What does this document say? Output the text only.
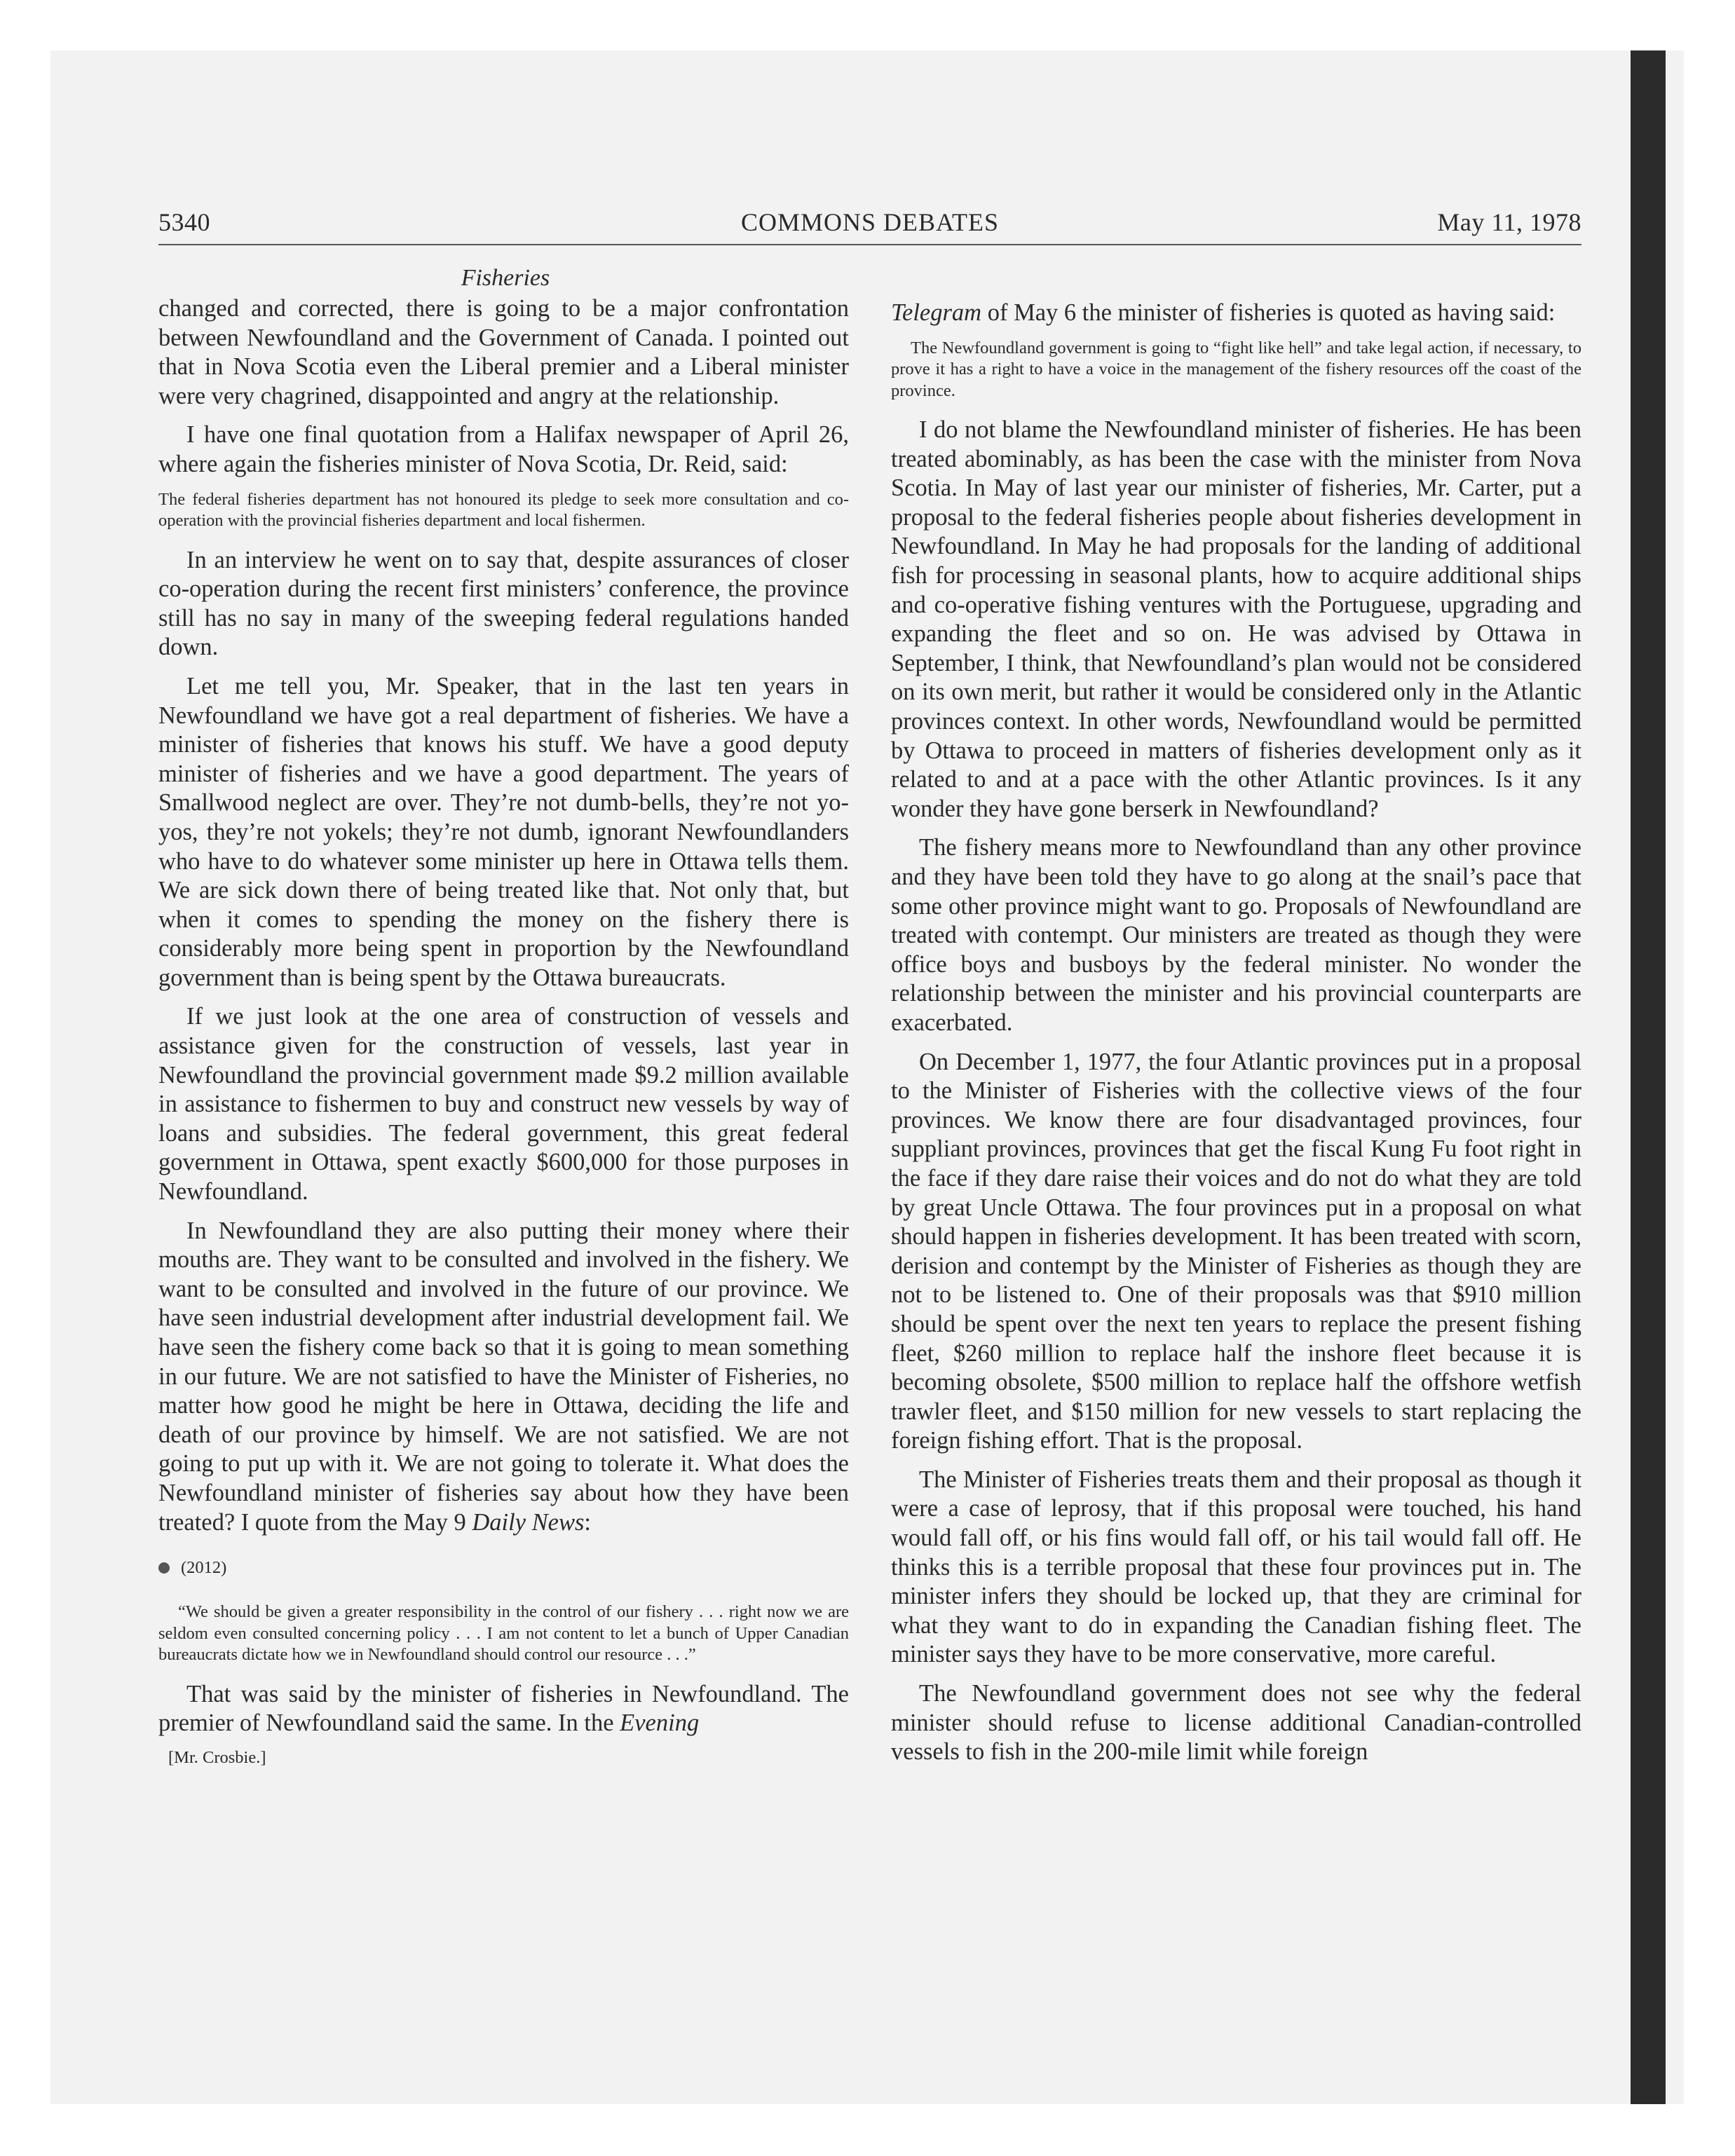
5340	COMMONS DEBATES	May 11, 1978
Fisheries

changed and corrected, there is going to be a major confrontation between Newfoundland and the Government of Canada. I pointed out that in Nova Scotia even the Liberal premier and a Liberal minister were very chagrined, disappointed and angry at the relationship.

I have one final quotation from a Halifax newspaper of April 26, where again the fisheries minister of Nova Scotia, Dr. Reid, said:

The federal fisheries department has not honoured its pledge to seek more consultation and co-operation with the provincial fisheries department and local fishermen.

In an interview he went on to say that, despite assurances of closer co-operation during the recent first ministers’ conference, the province still has no say in many of the sweeping federal regulations handed down.

Let me tell you, Mr. Speaker, that in the last ten years in Newfoundland we have got a real department of fisheries. We have a minister of fisheries that knows his stuff. We have a good deputy minister of fisheries and we have a good department. The years of Smallwood neglect are over. They’re not dumb-bells, they’re not yo-yos, they’re not yokels; they’re not dumb, ignorant Newfoundlanders who have to do whatever some minister up here in Ottawa tells them. We are sick down there of being treated like that. Not only that, but when it comes to spending the money on the fishery there is considerably more being spent in proportion by the Newfoundland government than is being spent by the Ottawa bureaucrats.

If we just look at the one area of construction of vessels and assistance given for the construction of vessels, last year in Newfoundland the provincial government made $9.2 million available in assistance to fishermen to buy and construct new vessels by way of loans and subsidies. The federal government, this great federal government in Ottawa, spent exactly $600,000 for those purposes in Newfoundland.

In Newfoundland they are also putting their money where their mouths are. They want to be consulted and involved in the fishery. We want to be consulted and involved in the future of our province. We have seen industrial development after industrial development fail. We have seen the fishery come back so that it is going to mean something in our future. We are not satisfied to have the Minister of Fisheries, no matter how good he might be here in Ottawa, deciding the life and death of our province by himself. We are not satisfied. We are not going to put up with it. We are not going to tolerate it. What does the Newfoundland minister of fisheries say about how they have been treated? I quote from the May 9 Daily News:

(2012)

“We should be given a greater responsibility in the control of our fishery . . . right now we are seldom even consulted concerning policy . . . I am not content to let a bunch of Upper Canadian bureaucrats dictate how we in Newfoundland should control our resource . . .”

That was said by the minister of fisheries in Newfoundland. The premier of Newfoundland said the same. In the Evening

[Mr. Crosbie.]

Telegram of May 6 the minister of fisheries is quoted as having said:

The Newfoundland government is going to “fight like hell” and take legal action, if necessary, to prove it has a right to have a voice in the management of the fishery resources off the coast of the province.

I do not blame the Newfoundland minister of fisheries. He has been treated abominably, as has been the case with the minister from Nova Scotia. In May of last year our minister of fisheries, Mr. Carter, put a proposal to the federal fisheries people about fisheries development in Newfoundland. In May he had proposals for the landing of additional fish for processing in seasonal plants, how to acquire additional ships and co-operative fishing ventures with the Portuguese, upgrading and expanding the fleet and so on. He was advised by Ottawa in September, I think, that Newfoundland’s plan would not be considered on its own merit, but rather it would be considered only in the Atlantic provinces context. In other words, Newfoundland would be permitted by Ottawa to proceed in matters of fisheries development only as it related to and at a pace with the other Atlantic provinces. Is it any wonder they have gone berserk in Newfoundland?

The fishery means more to Newfoundland than any other province and they have been told they have to go along at the snail’s pace that some other province might want to go. Proposals of Newfoundland are treated with contempt. Our ministers are treated as though they were office boys and busboys by the federal minister. No wonder the relationship between the minister and his provincial counterparts are exacerbated.

On December 1, 1977, the four Atlantic provinces put in a proposal to the Minister of Fisheries with the collective views of the four provinces. We know there are four disadvantaged provinces, four suppliant provinces, provinces that get the fiscal Kung Fu foot right in the face if they dare raise their voices and do not do what they are told by great Uncle Ottawa. The four provinces put in a proposal on what should happen in fisheries development. It has been treated with scorn, derision and contempt by the Minister of Fisheries as though they are not to be listened to. One of their proposals was that $910 million should be spent over the next ten years to replace the present fishing fleet, $260 million to replace half the inshore fleet because it is becoming obsolete, $500 million to replace half the offshore wetfish trawler fleet, and $150 million for new vessels to start replacing the foreign fishing effort. That is the proposal.

The Minister of Fisheries treats them and their proposal as though it were a case of leprosy, that if this proposal were touched, his hand would fall off, or his fins would fall off, or his tail would fall off. He thinks this is a terrible proposal that these four provinces put in. The minister infers they should be locked up, that they are criminal for what they want to do in expanding the Canadian fishing fleet. The minister says they have to be more conservative, more careful.

The Newfoundland government does not see why the federal minister should refuse to license additional Canadian-controlled vessels to fish in the 200-mile limit while foreign
